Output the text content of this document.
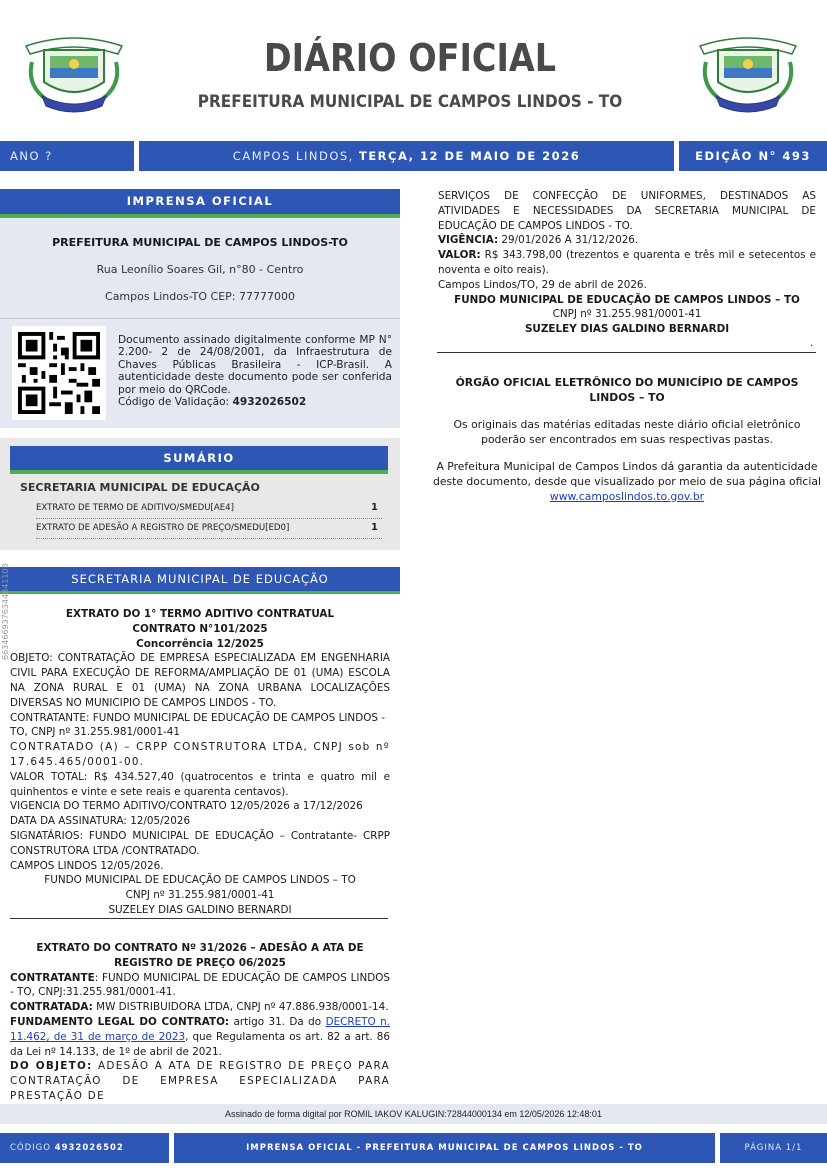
DIÁRIO OFICIAL
PREFEITURA MUNICIPAL DE CAMPOS LINDOS - TO
ANO ?	CAMPOS LINDOS, TERÇA, 12 DE MAIO DE 2026	EDIÇÃO N° 493
IMPRENSA OFICIAL
PREFEITURA MUNICIPAL DE CAMPOS LINDOS-TO
Rua Leonílio Soares Gil, n°80 - Centro
Campos Lindos-TO CEP: 77777000
Documento assinado digitalmente conforme MP N° 2.200- 2 de 24/08/2001, da Infraestrutura de Chaves Públicas Brasileira - ICP-Brasil. A autenticidade deste documento pode ser conferida por meio do QRCode.
Código de Validação: 4932026502
SUMÁRIO
SECRETARIA MUNICIPAL DE EDUCAÇÃO
EXTRATO DE TERMO DE ADITIVO/SMEDU[AE4]	1
EXTRATO DE ADESÃO A REGISTRO DE PREÇO/SMEDU[ED0]	1
SECRETARIA MUNICIPAL DE EDUCAÇÃO
6634669376344841103	EXTRATO DO 1° TERMO ADITIVO CONTRATUAL

CONTRATO N°101/2025

Concorrência 12/2025

OBJETO: CONTRATAÇÃO DE EMPRESA ESPECIALIZADA EM ENGENHARIA CIVIL PARA EXECUÇÃO DE REFORMA/AMPLIAÇÃO DE 01 (UMA) ESCOLA NA ZONA RURAL E 01 (UMA) NA ZONA URBANA LOCALIZAÇÕES DIVERSAS NO MUNICIPIO DE CAMPOS LINDOS - TO.

CONTRATANTE: FUNDO MUNICIPAL DE EDUCAÇÃO DE CAMPOS LINDOS - TO, CNPJ nº 31.255.981/0001-41

CONTRATADO (A) – CRPP CONSTRUTORA LTDA, CNPJ sob nº 17.645.465/0001-00.

VALOR TOTAL: R$ 434.527,40 (quatrocentos e trinta e quatro mil e quinhentos e vinte e sete reais e quarenta centavos).

VIGENCIA DO TERMO ADITIVO/CONTRATO 12/05/2026 a 17/12/2026

DATA DA ASSINATURA: 12/05/2026

SIGNATÁRIOS: FUNDO MUNICIPAL DE EDUCAÇÃO – Contratante- CRPP CONSTRUTORA LTDA /CONTRATADO.

CAMPOS LINDOS 12/05/2026.

FUNDO MUNICIPAL DE EDUCAÇÃO DE CAMPOS LINDOS – TO

CNPJ nº 31.255.981/0001-41

SUZELEY DIAS GALDINO BERNARDI

EXTRATO DO CONTRATO Nº 31/2026 – ADESÃO A ATA DE REGISTRO DE PREÇO 06/2025

CONTRATANTE: FUNDO MUNICIPAL DE EDUCAÇÃO DE CAMPOS LINDOS - TO, CNPJ:31.255.981/0001-41.

CONTRATADA: MW DISTRIBUIDORA LTDA, CNPJ nº 47.886.938/0001-14.

FUNDAMENTO LEGAL DO CONTRATO: artigo 31. Da do DECRETO n. 11.462, de 31 de março de 2023, que Regulamenta os art. 82 a art. 86 da Lei nº 14.133, de 1º de abril de 2021.

DO OBJETO: ADESÃO A ATA DE REGISTRO DE PREÇO PARA CONTRATAÇÃO DE EMPRESA ESPECIALIZADA PARA PRESTAÇÃO DE

SERVIÇOS DE CONFECÇÃO DE UNIFORMES, DESTINADOS AS ATIVIDADES E NECESSIDADES DA SECRETARIA MUNICIPAL DE EDUCAÇÃO DE CAMPOS LINDOS - TO.

VIGÊNCIA: 29/01/2026 A 31/12/2026.

VALOR: R$ 343.798,00 (trezentos e quarenta e três mil e setecentos e noventa e oito reais).

Campos Lindos/TO, 29 de abril de 2026.

FUNDO MUNICIPAL DE EDUCAÇÃO DE CAMPOS LINDOS – TO

CNPJ nº 31.255.981/0001-41

SUZELEY DIAS GALDINO BERNARDI

.
ÓRGÃO OFICIAL ELETRÔNICO DO MUNICÍPIO DE CAMPOS LINDOS – TO
Os originais das matérias editadas neste diário oficial eletrônico poderão ser encontrados em suas respectivas pastas.

A Prefeitura Municipal de Campos Lindos dá garantia da autenticidade deste documento, desde que visualizado por meio de sua página oficial

www.camposlindos.to.gov.br

Assinado de forma digital por ROMIL IAKOV KALUGIN:72844000134 em 12/05/2026 12:48:01
CÓDIGO 4932026502	IMPRENSA OFICIAL - PREFEITURA MUNICIPAL DE CAMPOS LINDOS - TO	PÁGINA 1/1
